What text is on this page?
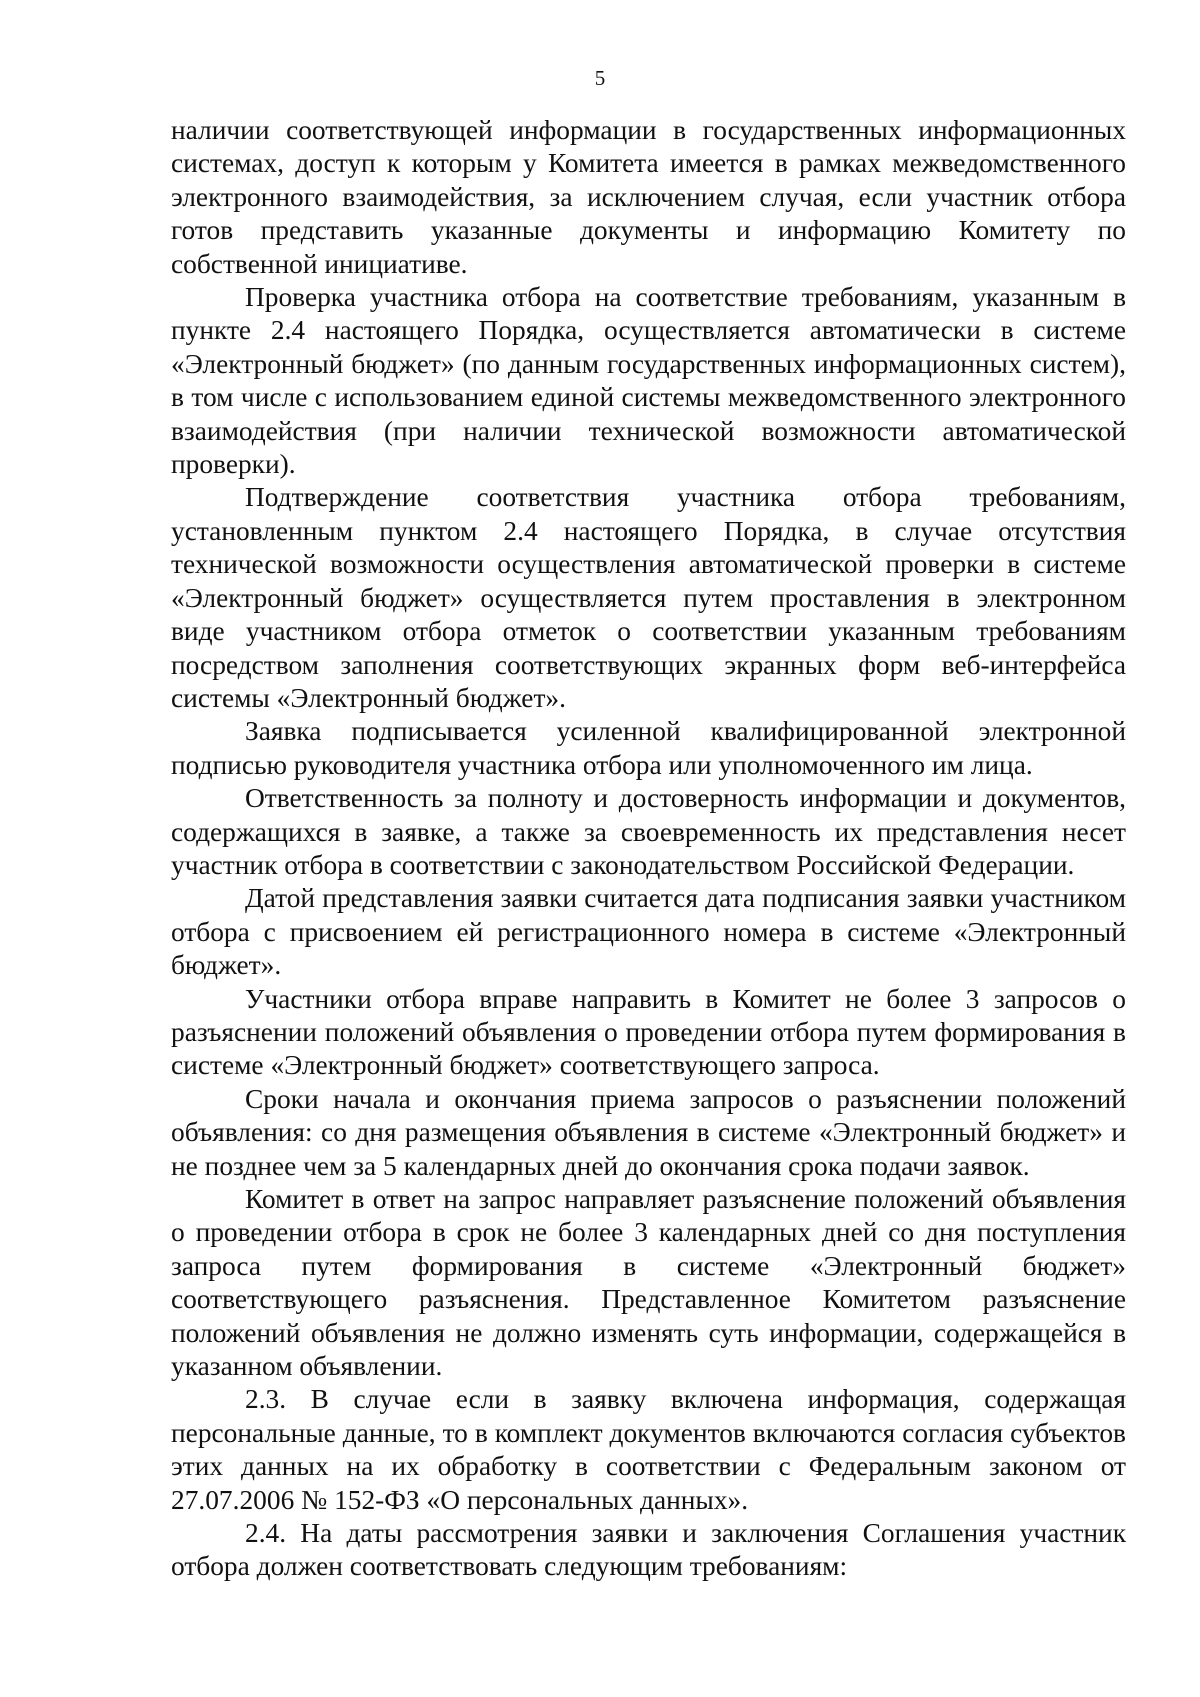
5

наличии соответствующей информации в государственных информационных системах, доступ к которым у Комитета имеется в рамках межведомственного электронного взаимодействия, за исключением случая, если участник отбора готов представить указанные документы и информацию Комитету по собственной инициативе.

Проверка участника отбора на соответствие требованиям, указанным в пункте 2.4 настоящего Порядка, осуществляется автоматически в системе «Электронный бюджет» (по данным государственных информационных систем), в том числе с использованием единой системы межведомственного электронного взаимодействия (при наличии технической возможности автоматической проверки).

Подтверждение соответствия участника отбора требованиям, установленным пунктом 2.4 настоящего Порядка, в случае отсутствия технической возможности осуществления автоматической проверки в системе «Электронный бюджет» осуществляется путем проставления в электронном виде участником отбора отметок о соответствии указанным требованиям посредством заполнения соответствующих экранных форм веб-интерфейса системы «Электронный бюджет».

Заявка подписывается усиленной квалифицированной электронной подписью руководителя участника отбора или уполномоченного им лица.

Ответственность за полноту и достоверность информации и документов, содержащихся в заявке, а также за своевременность их представления несет участник отбора в соответствии с законодательством Российской Федерации.

Датой представления заявки считается дата подписания заявки участником отбора с присвоением ей регистрационного номера в системе «Электронный бюджет».

Участники отбора вправе направить в Комитет не более 3 запросов о разъяснении положений объявления о проведении отбора путем формирования в системе «Электронный бюджет» соответствующего запроса.

Сроки начала и окончания приема запросов о разъяснении положений объявления: со дня размещения объявления в системе «Электронный бюджет» и не позднее чем за 5 календарных дней до окончания срока подачи заявок.

Комитет в ответ на запрос направляет разъяснение положений объявления о проведении отбора в срок не более 3 календарных дней со дня поступления запроса путем формирования в системе «Электронный бюджет» соответствующего разъяснения. Представленное Комитетом разъяснение положений объявления не должно изменять суть информации, содержащейся в указанном объявлении.

2.3. В случае если в заявку включена информация, содержащая персональные данные, то в комплект документов включаются согласия субъектов этих данных на их обработку в соответствии с Федеральным законом от 27.07.2006 № 152-ФЗ «О персональных данных».

2.4. На даты рассмотрения заявки и заключения Соглашения участник отбора должен соответствовать следующим требованиям:
